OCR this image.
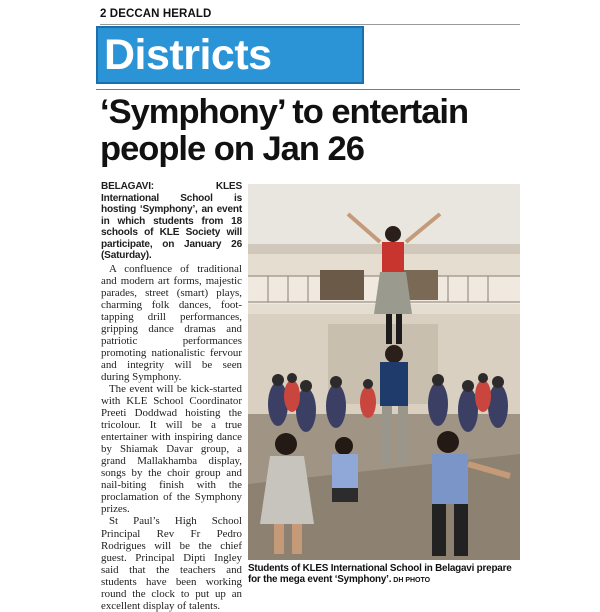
2 DECCAN HERALD
Districts
‘Symphony’ to entertain
people on Jan 26

BELAGAVI: KLES International School is hosting ‘Symphony’, an event in which students from 18 schools of KLE Society will participate, on January 26 (Saturday).

A confluence of traditional and modern art forms, majestic parades, street (smart) plays, charming folk dances, foot-tapping drill performances, gripping dance dramas and patriotic performances promoting nationalistic fervour and integrity will be seen during Symphony.

The event will be kick-started with KLE School Coordinator Preeti Doddwad hoisting the tricolour. It will be a true entertainer with inspiring dance by Shiamak Davar group, a grand Mallakhamba display, songs by the choir group and nail-biting finish with the proclamation of the Symphony prizes.

St Paul’s High School Principal Rev Fr Pedro Rodrigues will be the chief guest. Principal Dipti Ingley said that the teachers and students have been working round the clock to put up an excellent display of talents.

Students of KLES International School in Belagavi prepare for the mega event ‘Symphony’. DH PHOTO
